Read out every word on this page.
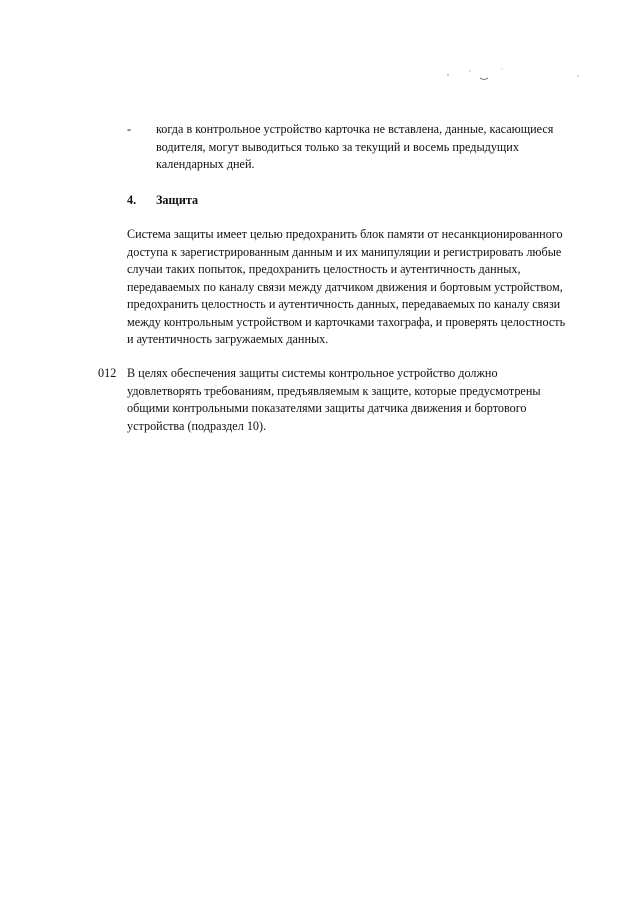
- когда в контрольное устройство карточка не вставлена, данные, касающиеся
водителя, могут выводиться только за текущий и восемь предыдущих
календарных дней.

4. Защита

Система защиты имеет целью предохранить блок памяти от несанкционированного
доступа к зарегистрированным данным и их манипуляции и регистрировать любые
случаи таких попыток, предохранить целостность и аутентичность данных,
передаваемых по каналу связи между датчиком движения и бортовым устройством,
предохранить целостность и аутентичность данных, передаваемых по каналу связи
между контрольным устройством и карточками тахографа, и проверять целостность
и аутентичность загружаемых данных.

012 В целях обеспечения защиты системы контрольное устройство должно
удовлетворять требованиям, предъявляемым к защите, которые предусмотрены
общими контрольными показателями защиты датчика движения и бортового
устройства (подраздел 10).
